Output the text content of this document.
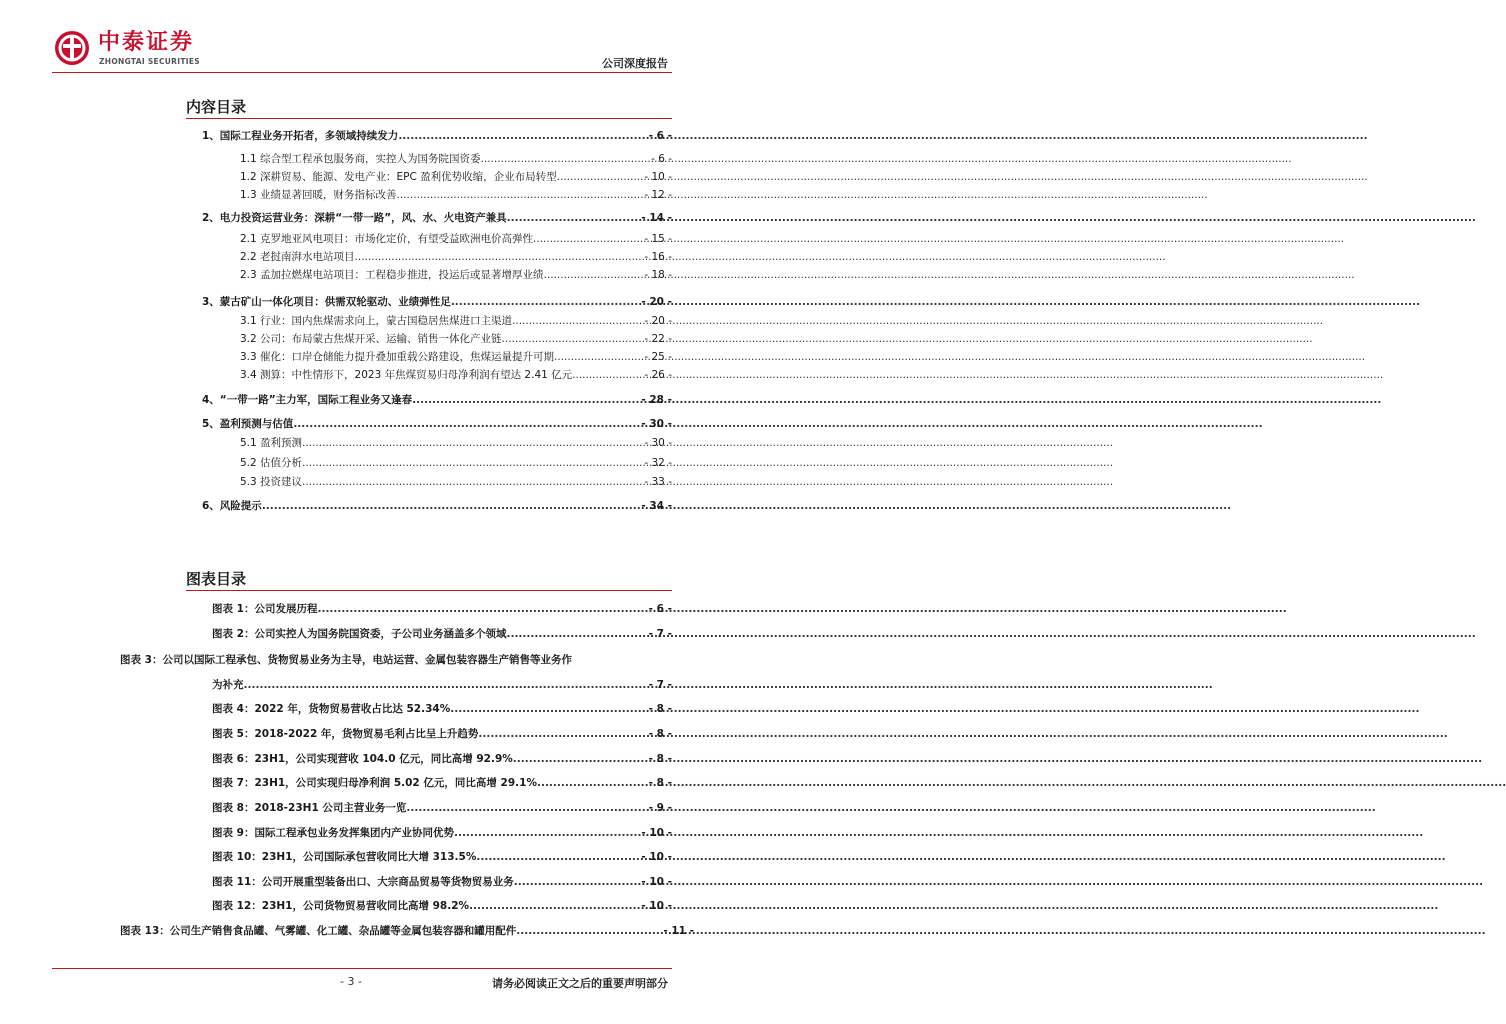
中泰证券
ZHONGTAI SECURITIES	公司深度报告
内容目录
1、国际工程业务开拓者，多领域持续发力 .....	- 6 -
1.1 综合型工程承包服务商，实控人为国务院国资委 .....	- 6 -
1.2 深耕贸易、能源、发电产业：EPC 盈利优势收缩，企业布局转型 .....	- 10 -
1.3 业绩显著回暖，财务指标改善 .....	- 12 -
2、电力投资运营业务：深耕“一带一路”，风、水、火电资产兼具 .....	- 14 -
2.1 克罗地亚风电项目：市场化定价，有望受益欧洲电价高弹性 .....	- 15 -
2.2 老挝南湃水电站项目 .....	- 16 -
2.3 孟加拉燃煤电站项目：工程稳步推进，投运后或显著增厚业绩 .....	- 18 -
3、蒙古矿山一体化项目：供需双轮驱动、业绩弹性足 .....	- 20 -
3.1 行业：国内焦煤需求向上，蒙古国稳居焦煤进口主渠道 .....	- 20 -
3.2 公司：布局蒙古焦煤开采、运输、销售一体化产业链 .....	- 22 -
3.3 催化：口岸仓储能力提升叠加重载公路建设，焦煤运量提升可期 .....	- 25 -
3.4 测算：中性情形下，2023 年焦煤贸易归母净利润有望达 2.41 亿元 .....	- 26 -
4、“一带一路”主力军，国际工程业务又逢春 .....	- 28 -
5、盈利预测与估值 .....	- 30 -
5.1 盈利预测 .....	- 30 -
5.2 估值分析 .....	- 32 -
5.3 投资建议 .....	- 33 -
6、风险提示 .....	- 34 -
图表目录
图表 1：公司发展历程 .....	- 6 -
图表 2：公司实控人为国务院国资委，子公司业务涵盖多个领域 .....	- 7 -
图表 3：公司以国际工程承包、货物贸易业务为主导，电站运营、金属包装容器生产销售等业务作
为补充 .....	- 7 -
图表 4：2022 年，货物贸易营收占比达 52.34% .....	- 8 -
图表 5：2018-2022 年，货物贸易毛利占比呈上升趋势 .....	- 8 -
图表 6：23H1，公司实现营收 104.0 亿元，同比高增 92.9% .....	- 8 -
图表 7：23H1，公司实现归母净利润 5.02 亿元，同比高增 29.1% .....	- 8 -
图表 8：2018-23H1 公司主营业务一览 .....	- 9 -
图表 9：国际工程承包业务发挥集团内产业协同优势 .....	- 10 -
图表 10：23H1，公司国际承包营收同比大增 313.5% .....	- 10 -
图表 11：公司开展重型装备出口、大宗商品贸易等货物贸易业务 .....	- 10 -
图表 12：23H1，公司货物贸易营收同比高增 98.2% .....	- 10 -
图表 13：公司生产销售食品罐、气雾罐、化工罐、杂品罐等金属包装容器和罐用配件 .....	- 11 -
- 3 -	请务必阅读正文之后的重要声明部分
